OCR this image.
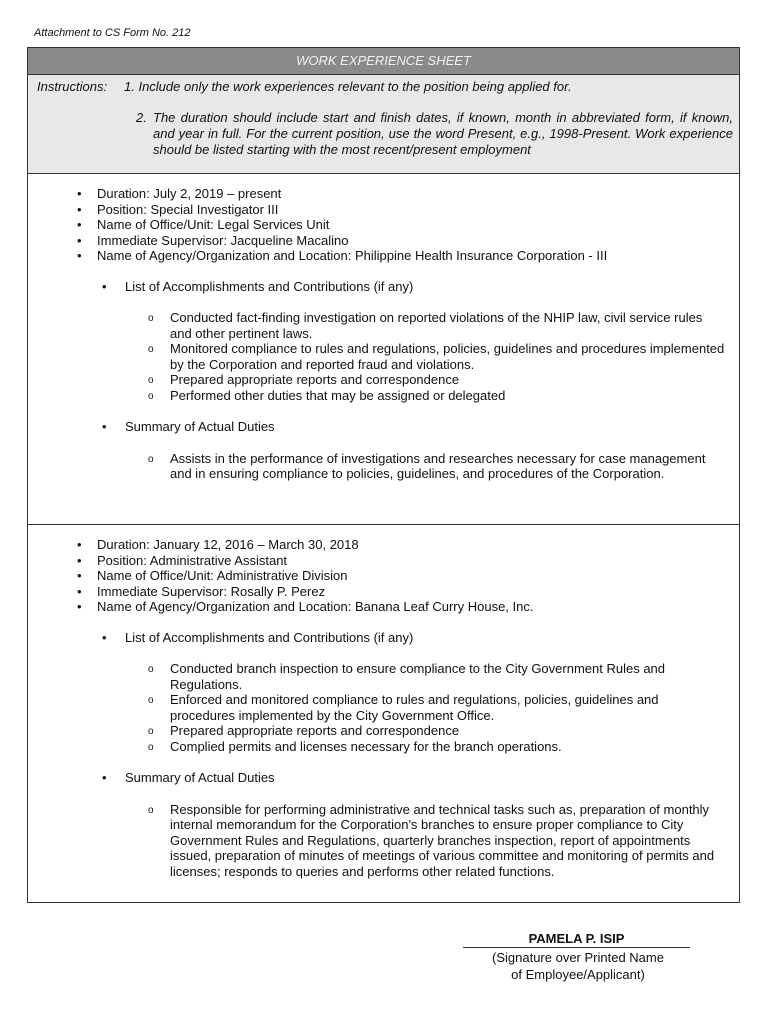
Attachment to CS Form No. 212
WORK EXPERIENCE SHEET
Instructions:	1. Include only the work experiences relevant to the position being applied for.
2. The duration should include start and finish dates, if known, month in abbreviated form, if known, and year in full. For the current position, use the word Present, e.g., 1998-Present. Work experience should be listed starting with the most recent/present employment
• Duration: July 2, 2019 – present
• Position: Special Investigator III
• Name of Office/Unit: Legal Services Unit
• Immediate Supervisor: Jacqueline Macalino
• Name of Agency/Organization and Location: Philippine Health Insurance Corporation - III
• List of Accomplishments and Contributions (if any)
o Conducted fact-finding investigation on reported violations of the NHIP law, civil service rules and other pertinent laws.
o Monitored compliance to rules and regulations, policies, guidelines and procedures implemented by the Corporation and reported fraud and violations.
o Prepared appropriate reports and correspondence
o Performed other duties that may be assigned or delegated
• Summary of Actual Duties
o Assists in the performance of investigations and researches necessary for case management and in ensuring compliance to policies, guidelines, and procedures of the Corporation.
• Duration: January 12, 2016 – March 30, 2018
• Position: Administrative Assistant
• Name of Office/Unit: Administrative Division
• Immediate Supervisor: Rosally P. Perez
• Name of Agency/Organization and Location: Banana Leaf Curry House, Inc.
• List of Accomplishments and Contributions (if any)
o Conducted branch inspection to ensure compliance to the City Government Rules and Regulations.
o Enforced and monitored compliance to rules and regulations, policies, guidelines and procedures implemented by the City Government Office.
o Prepared appropriate reports and correspondence
o Complied permits and licenses necessary for the branch operations.
• Summary of Actual Duties
o Responsible for performing administrative and technical tasks such as, preparation of monthly internal memorandum for the Corporation's branches to ensure proper compliance to City Government Rules and Regulations, quarterly branches inspection, report of appointments issued, preparation of minutes of meetings of various committee and monitoring of permits and licenses; responds to queries and performs other related functions.
PAMELA P. ISIP
(Signature over Printed Name
of Employee/Applicant)
